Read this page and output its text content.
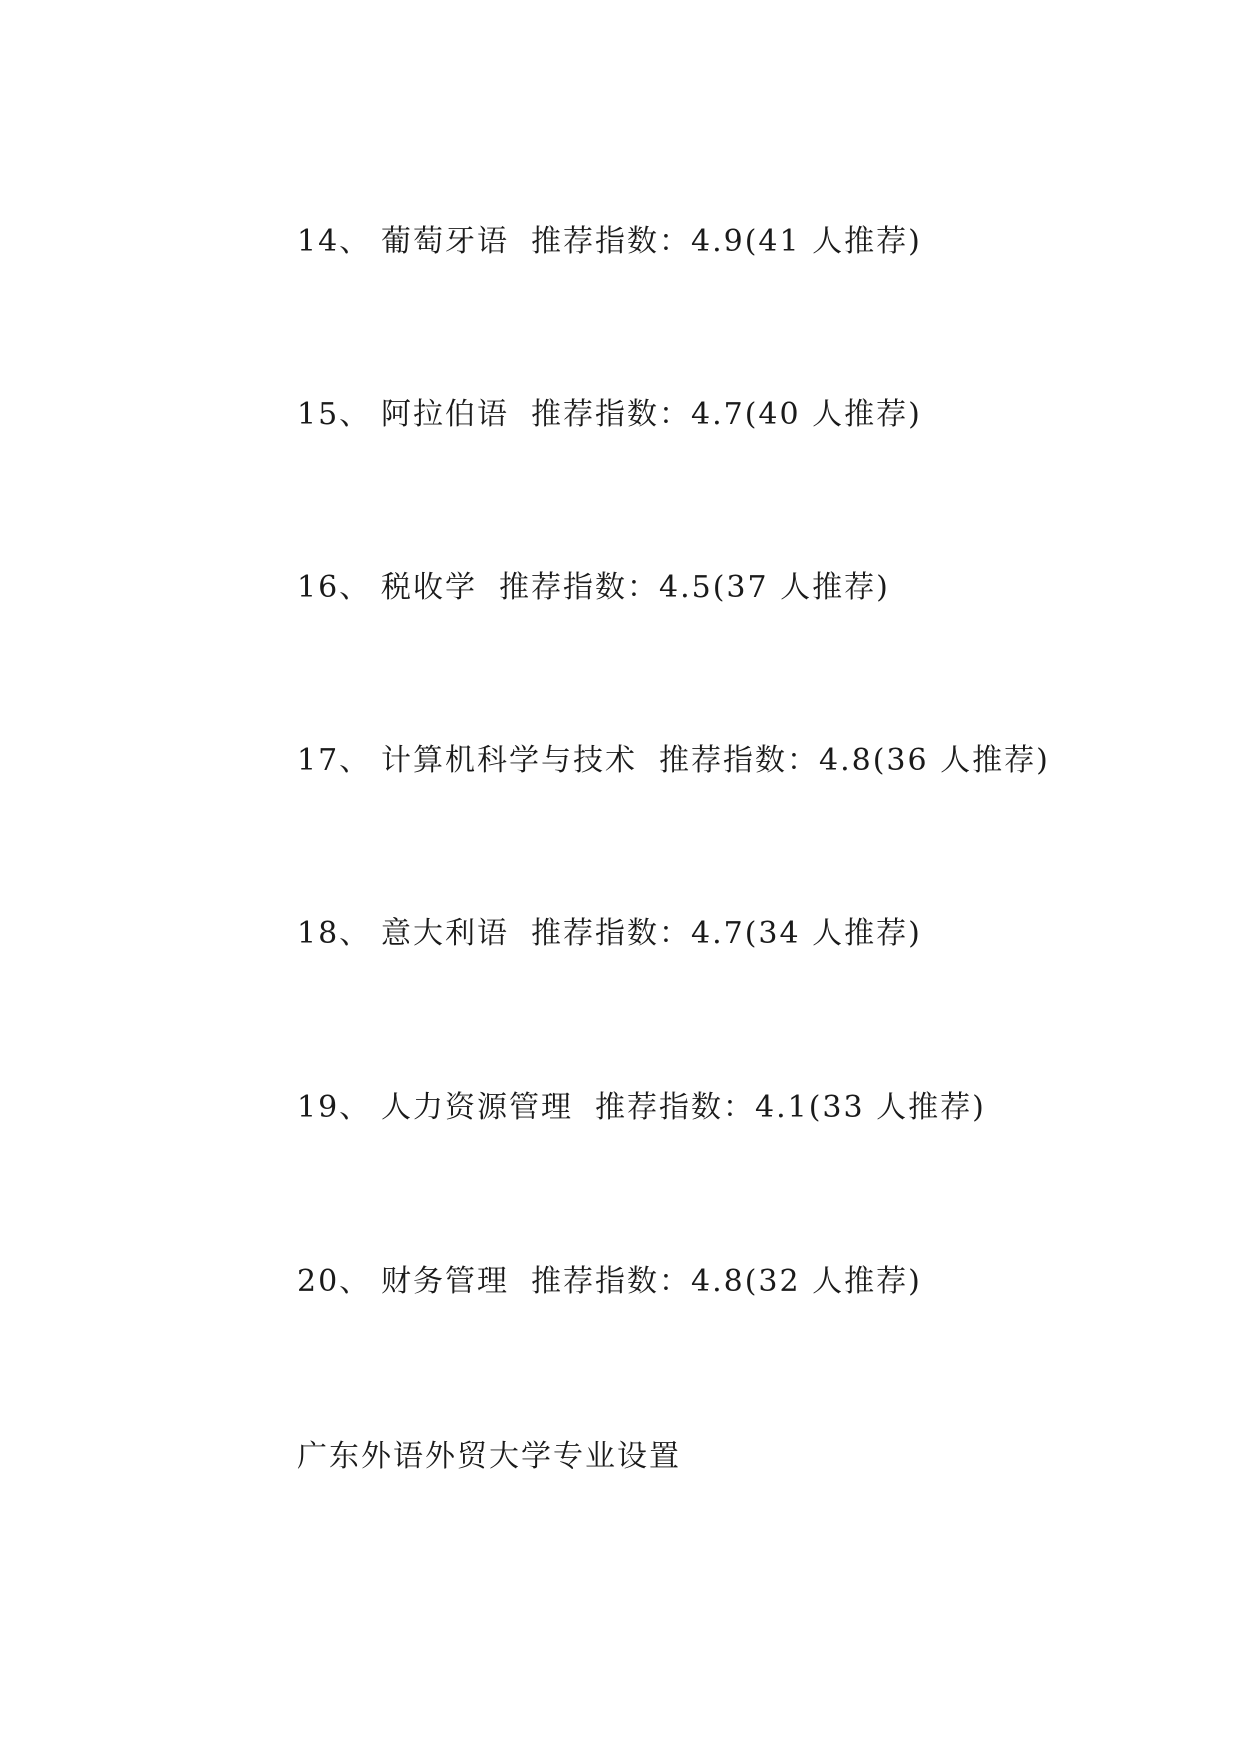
14、 葡萄牙语 推荐指数：4.9(41 人推荐)
15、 阿拉伯语 推荐指数：4.7(40 人推荐)
16、 税收学 推荐指数：4.5(37 人推荐)
17、 计算机科学与技术 推荐指数：4.8(36 人推荐)
18、 意大利语 推荐指数：4.7(34 人推荐)
19、 人力资源管理 推荐指数：4.1(33 人推荐)
20、 财务管理 推荐指数：4.8(32 人推荐)
广东外语外贸大学专业设置
